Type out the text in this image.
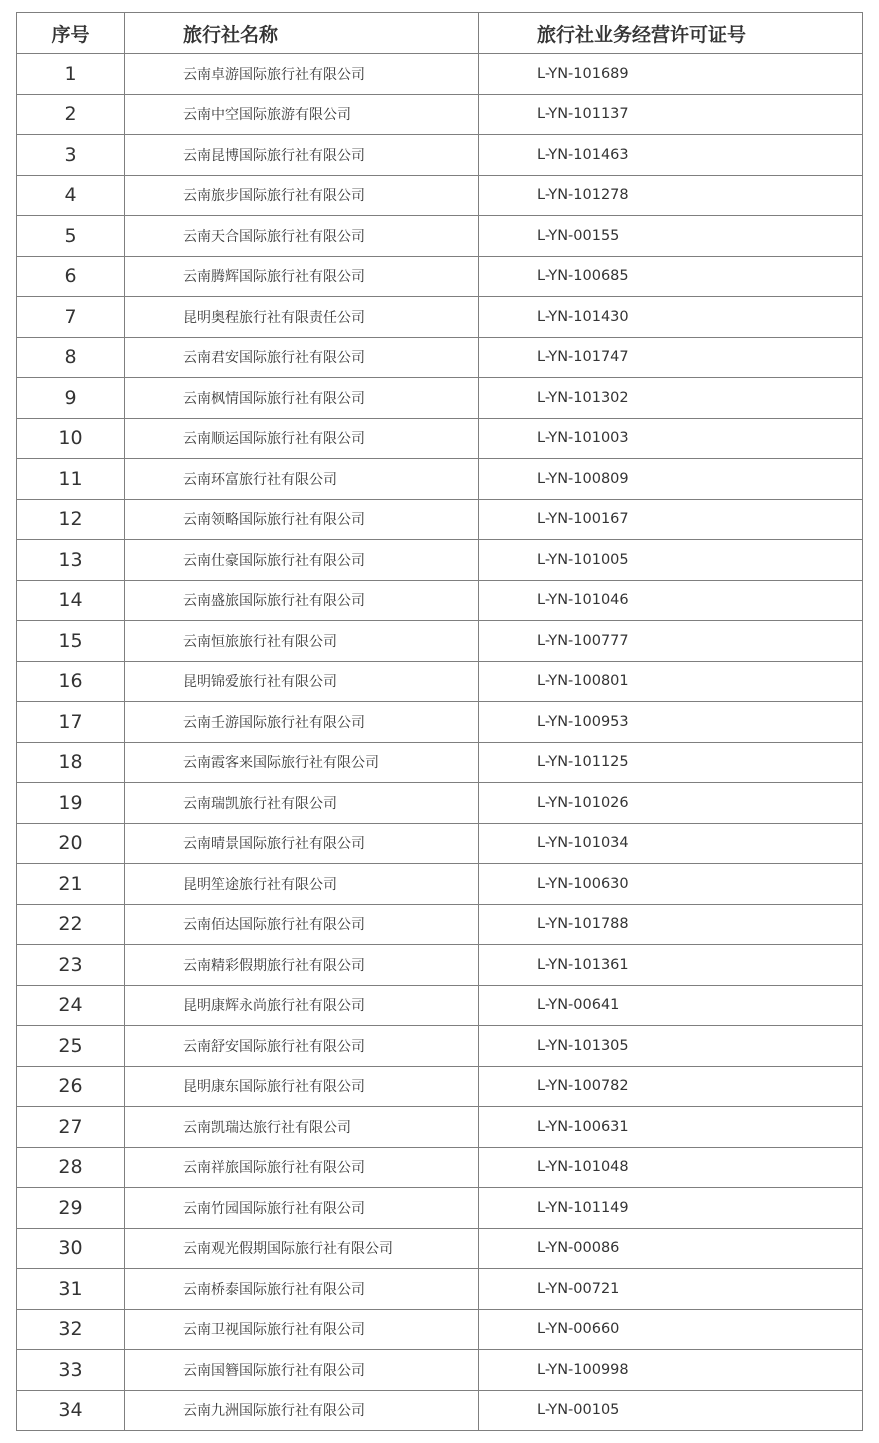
序号	旅行社名称	旅行社业务经营许可证号
1	云南卓游国际旅行社有限公司	L-YN-101689
2	云南中空国际旅游有限公司	L-YN-101137
3	云南昆博国际旅行社有限公司	L-YN-101463
4	云南旅步国际旅行社有限公司	L-YN-101278
5	云南天合国际旅行社有限公司	L-YN-00155
6	云南腾辉国际旅行社有限公司	L-YN-100685
7	昆明奥程旅行社有限责任公司	L-YN-101430
8	云南君安国际旅行社有限公司	L-YN-101747
9	云南枫情国际旅行社有限公司	L-YN-101302
10	云南顺运国际旅行社有限公司	L-YN-101003
11	云南环富旅行社有限公司	L-YN-100809
12	云南领略国际旅行社有限公司	L-YN-100167
13	云南仕豪国际旅行社有限公司	L-YN-101005
14	云南盛旅国际旅行社有限公司	L-YN-101046
15	云南恒旅旅行社有限公司	L-YN-100777
16	昆明锦爱旅行社有限公司	L-YN-100801
17	云南壬游国际旅行社有限公司	L-YN-100953
18	云南霞客来国际旅行社有限公司	L-YN-101125
19	云南瑞凯旅行社有限公司	L-YN-101026
20	云南晴景国际旅行社有限公司	L-YN-101034
21	昆明笙途旅行社有限公司	L-YN-100630
22	云南佰达国际旅行社有限公司	L-YN-101788
23	云南精彩假期旅行社有限公司	L-YN-101361
24	昆明康辉永尚旅行社有限公司	L-YN-00641
25	云南舒安国际旅行社有限公司	L-YN-101305
26	昆明康东国际旅行社有限公司	L-YN-100782
27	云南凯瑞达旅行社有限公司	L-YN-100631
28	云南祥旅国际旅行社有限公司	L-YN-101048
29	云南竹园国际旅行社有限公司	L-YN-101149
30	云南观光假期国际旅行社有限公司	L-YN-00086
31	云南桥泰国际旅行社有限公司	L-YN-00721
32	云南卫视国际旅行社有限公司	L-YN-00660
33	云南国簪国际旅行社有限公司	L-YN-100998
34	云南九洲国际旅行社有限公司	L-YN-00105
